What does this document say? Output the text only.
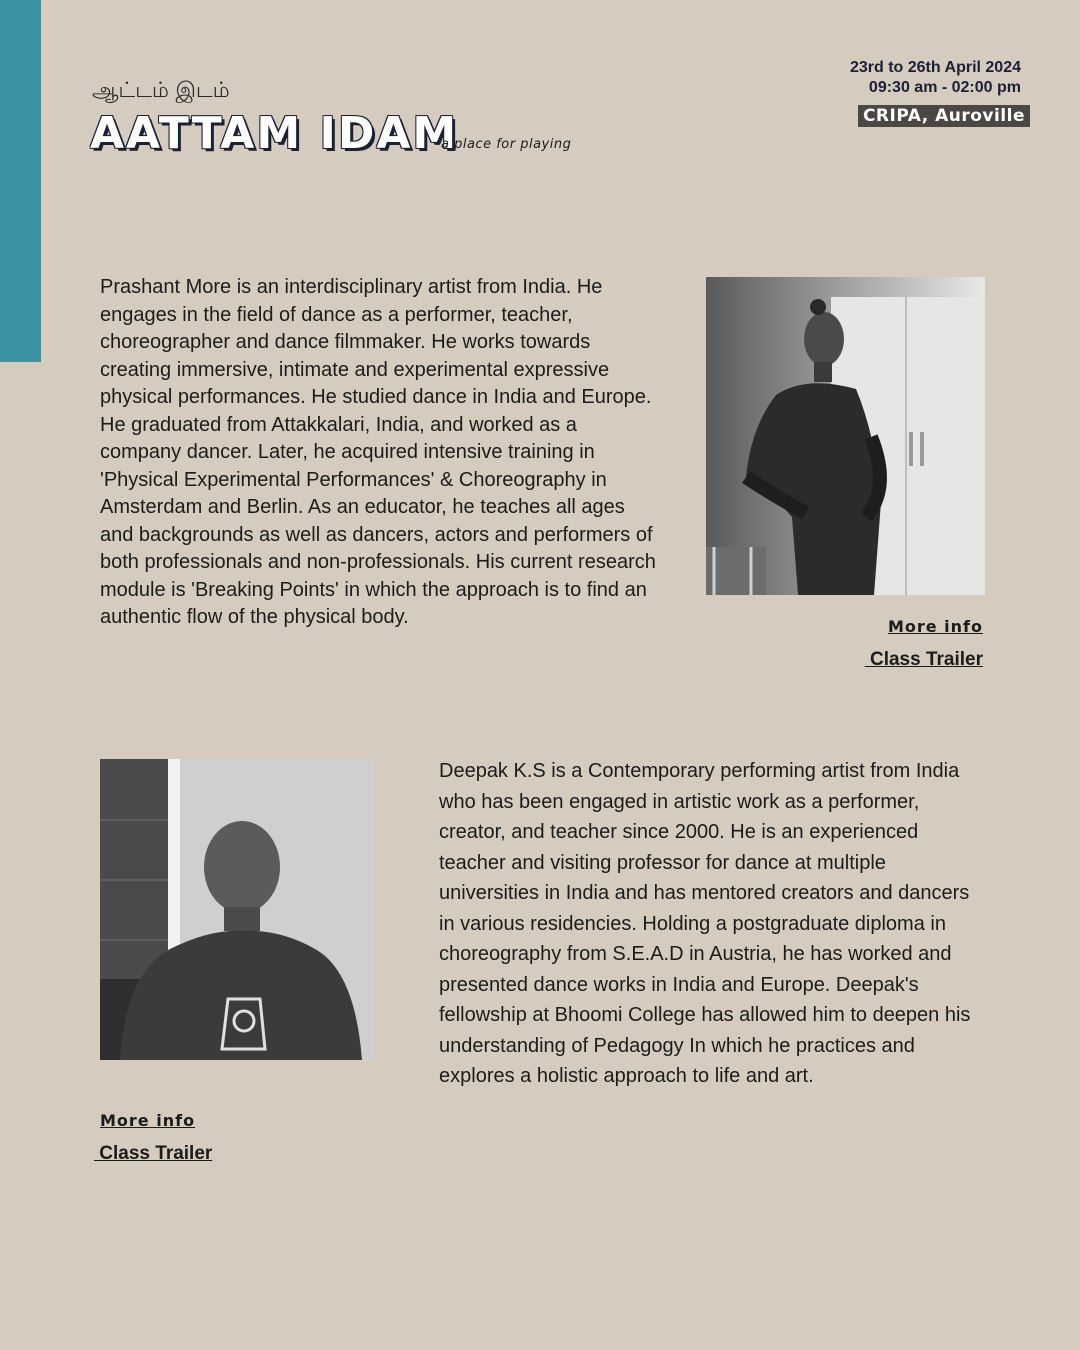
ஆட்டம் இடம்
AATTAM IDAM
a place for playing
23rd to 26th April 2024
09:30 am - 02:00 pm
CRIPA, Auroville

Prashant More is an interdisciplinary artist from India. He engages in the field of dance as a performer, teacher, choreographer and dance filmmaker. He works towards creating immersive, intimate and experimental expressive physical performances. He studied dance in India and Europe. He graduated from Attakkalari, India, and worked as a company dancer. Later, he acquired intensive training in 'Physical Experimental Performances' & Choreography in Amsterdam and Berlin. As an educator, he teaches all ages and backgrounds as well as dancers, actors and performers of both professionals and non-professionals. His current research module is 'Breaking Points' in which the approach is to find an authentic flow of the physical body.	More info
Class Trailer

Deepak K.S is a Contemporary performing artist from India who has been engaged in artistic work as a performer, creator, and teacher since 2000. He is an experienced teacher and visiting professor for dance at multiple universities in India and has mentored creators and dancers in various residencies. Holding a postgraduate diploma in choreography from S.E.A.D in Austria, he has worked and presented dance works in India and Europe. Deepak's fellowship at Bhoomi College has allowed him to deepen his understanding of Pedagogy In which he practices and explores a holistic approach to life and art.

More info
Class Trailer
